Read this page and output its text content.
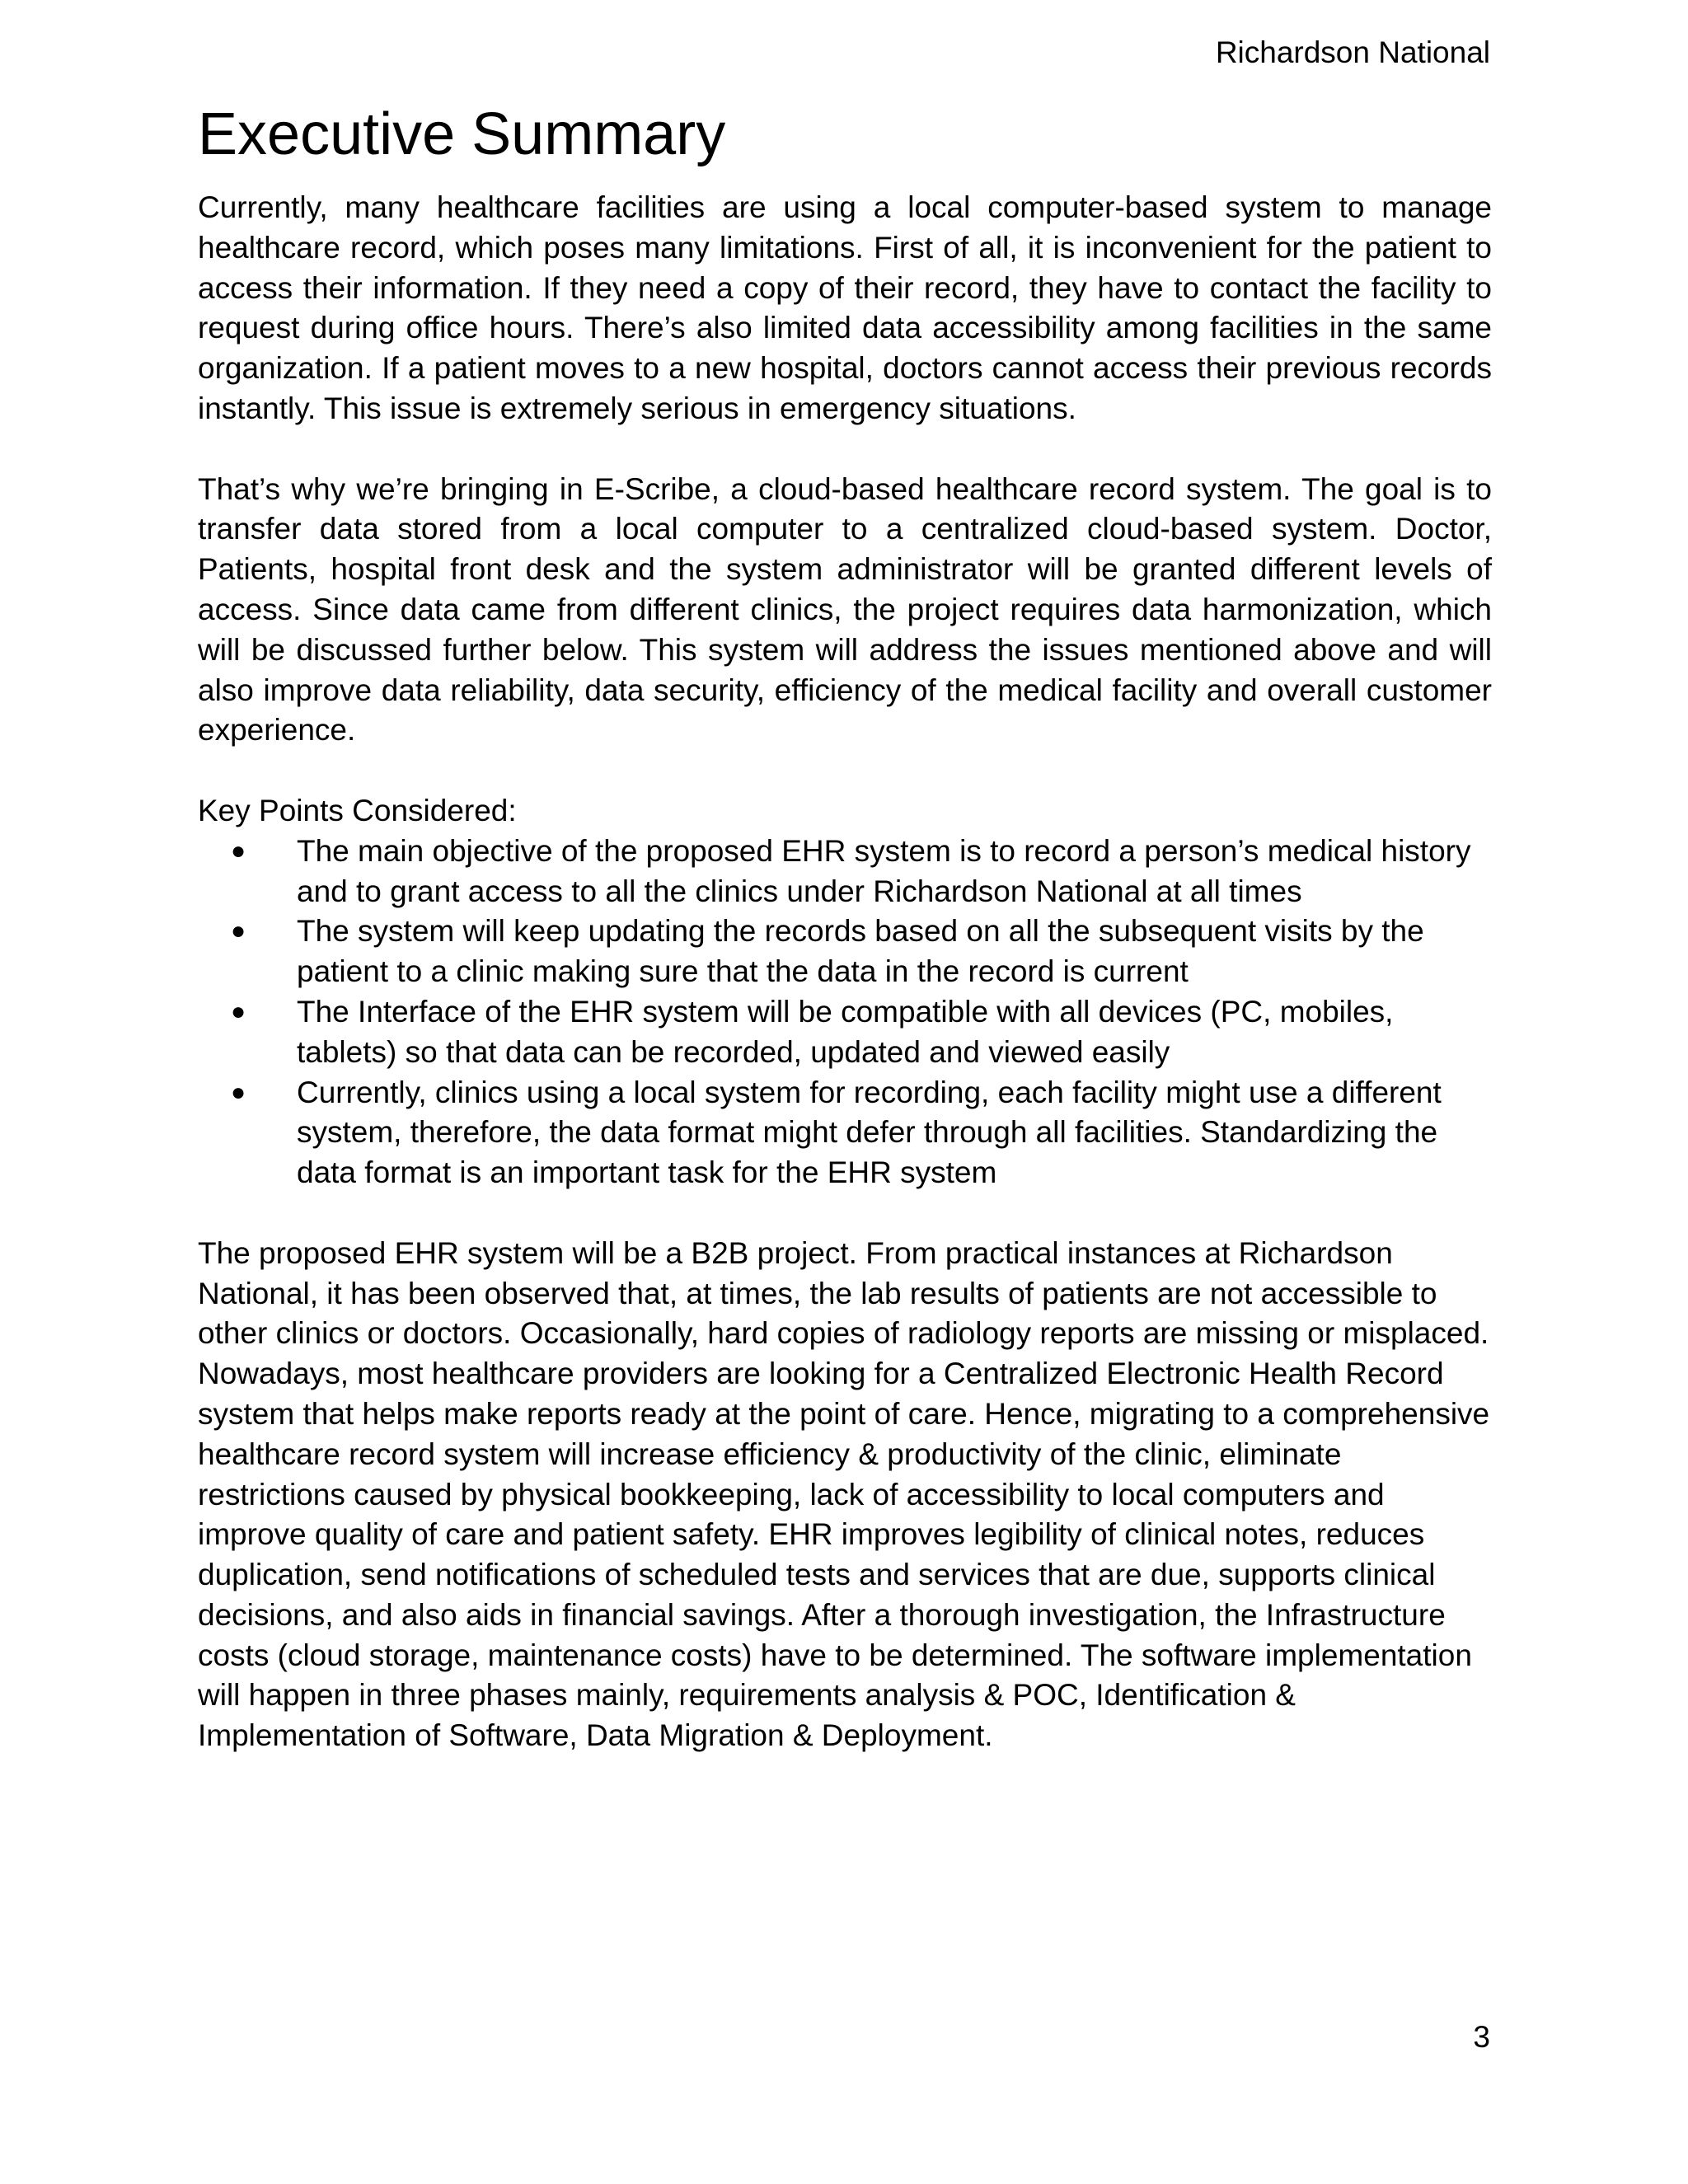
Richardson National
Executive Summary

Currently, many healthcare facilities are using a local computer-based system to manage healthcare record, which poses many limitations. First of all, it is inconvenient for the patient to access their information. If they need a copy of their record, they have to contact the facility to request during office hours. There’s also limited data accessibility among facilities in the same organization. If a patient moves to a new hospital, doctors cannot access their previous records instantly. This issue is extremely serious in emergency situations.

That’s why we’re bringing in E-Scribe, a cloud-based healthcare record system. The goal is to transfer data stored from a local computer to a centralized cloud-based system. Doctor, Patients, hospital front desk and the system administrator will be granted different levels of access. Since data came from different clinics, the project requires data harmonization, which will be discussed further below. This system will address the issues mentioned above and will also improve data reliability, data security, efficiency of the medical facility and overall customer experience.

Key Points Considered:

● The main objective of the proposed EHR system is to record a person’s medical history and to grant access to all the clinics under Richardson National at all times
● The system will keep updating the records based on all the subsequent visits by the patient to a clinic making sure that the data in the record is current
● The Interface of the EHR system will be compatible with all devices (PC, mobiles, tablets) so that data can be recorded, updated and viewed easily
● Currently, clinics using a local system for recording, each facility might use a different system, therefore, the data format might defer through all facilities. Standardizing the data format is an important task for the EHR system

The proposed EHR system will be a B2B project. From practical instances at Richardson National, it has been observed that, at times, the lab results of patients are not accessible to other clinics or doctors. Occasionally, hard copies of radiology reports are missing or misplaced. Nowadays, most healthcare providers are looking for a Centralized Electronic Health Record system that helps make reports ready at the point of care. Hence, migrating to a comprehensive healthcare record system will increase efficiency & productivity of the clinic, eliminate restrictions caused by physical bookkeeping, lack of accessibility to local computers and improve quality of care and patient safety. EHR improves legibility of clinical notes, reduces duplication, send notifications of scheduled tests and services that are due, supports clinical decisions, and also aids in financial savings. After a thorough investigation, the Infrastructure costs (cloud storage, maintenance costs) have to be determined. The software implementation will happen in three phases mainly, requirements analysis & POC, Identification & Implementation of Software, Data Migration & Deployment.

3
